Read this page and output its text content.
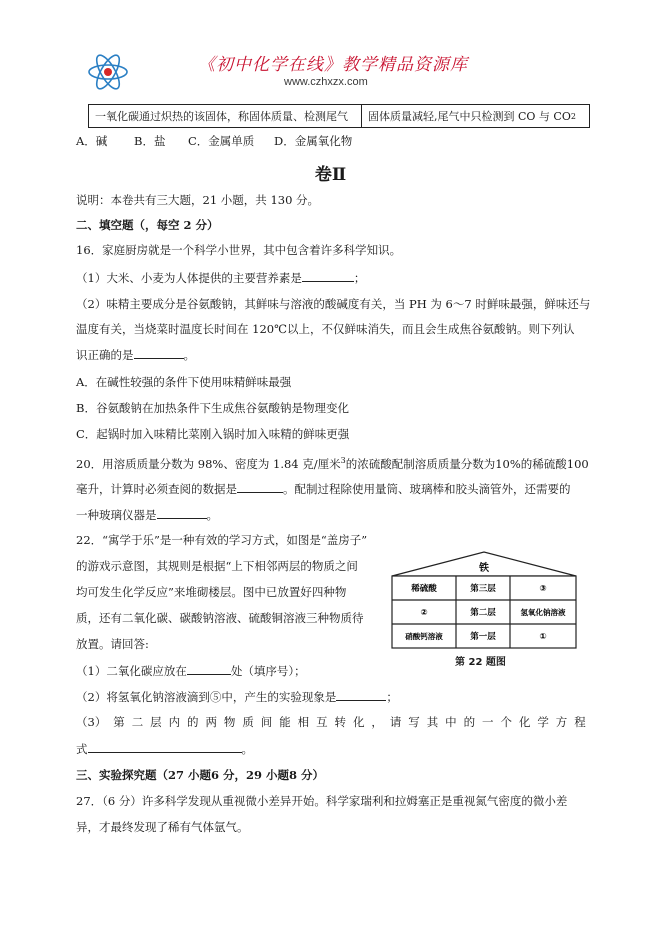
《初中化学在线》教学精品资源库
www.czhxzx.com
一氧化碳通过炽热的该固体，称固体质量、检测尾气	固体质量减轻,尾气中只检测到 CO 与 CO 2
A．碱 B．盐 C．金属单质 D．金属氧化物
卷Ⅱ
说明：本卷共有三大题，21 小题，共 130 分。
二、填空题（，每空 2 分）
16．家庭厨房就是一个科学小世界，其中包含着许多科学知识。
（1）大米、小麦为人体提供的主要营养素是	；
（2）味精主要成分是谷氨酸钠，其鲜味与溶液的酸碱度有关，当 PH 为 6～7 时鲜味最强，鲜味还与
温度有关，当烧菜时温度长时间在 120℃以上，不仅鲜味消失，而且会生成焦谷氨酸钠。则下列认
识正确的是	。
A．在碱性较强的条件下使用味精鲜味最强
B．谷氨酸钠在加热条件下生成焦谷氨酸钠是物理变化
C．起锅时加入味精比菜刚入锅时加入味精的鲜味更强
20．用溶质质量分数为 98%、密度为 1.84 克/厘米$^3$的浓硫酸配制溶质质量分数为10%的稀硫酸100
毫升，计算时必须查阅的数据是	。配制过程除使用量筒、玻璃棒和胶头滴管外，还需要的
一种玻璃仪器是	。
22．“寓学于乐”是一种有效的学习方式，如图是“盖房子”
的游戏示意图，其规则是根据“上下相邻两层的物质之间
均可发生化学反应”来堆砌楼层。图中已放置好四种物
质，还有二氧化碳、碳酸钠溶液、硫酸铜溶液三种物质待
放置。请回答:
铁
稀硫酸	第三层	③
②	第二层	氢氧化钠溶液
硝酸钙溶液	第一层	①
第 22 题图
（1）二氧化碳应放在	处（填序号）；
（2）将氢氧化钠溶液滴到⑤中，产生的实验现象是	；
（3） 第 二 层 内 的 两 物 质 间 能 相 互 转 化 ， 请 写 其 中 的 一 个 化 学 方 程
式	。
三、实验探究题（27 小题6 分，29 小题8 分）
27．（6 分）许多科学发现从重视微小差异开始。科学家瑞利和拉姆塞正是重视氮气密度的微小差
异，才最终发现了稀有气体氩气。
